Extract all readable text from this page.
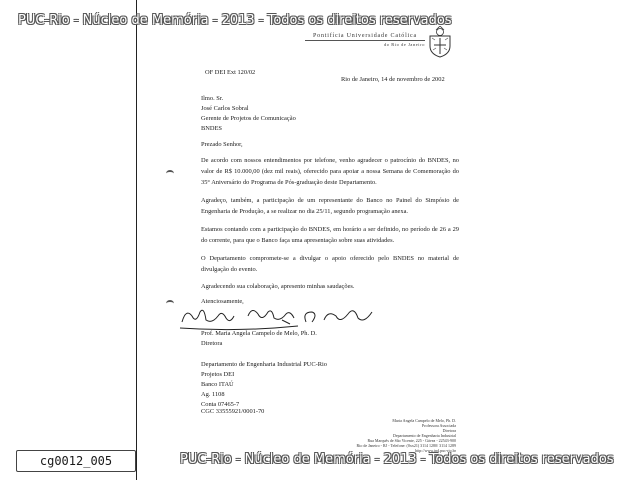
PUC-Rio - Núcleo de Memória - 2013 - Todos os direitos reservados
Pontifícia Universidade Católica
do Rio de Janeiro
OF DEI Ext 120/02
Rio de Janeiro, 14 de novembro de 2002
Ilmo. Sr.
José Carlos Sobral
Gerente de Projetos de Comunicação
BNDES
Prezado Senhor,
De acordo com nossos entendimentos por telefone, venho agradecer o patrocínio do BNDES, no valor de R$ 10.000,00 (dez mil reais), oferecido para apoiar a nossa Semana de Comemoração do 35° Aniversário do Programa de Pós-graduação deste Departamento.
Agradeço, também, a participação de um representante do Banco no Painel do Simpósio de Engenharia de Produção, a se realizar no dia 25/11, segundo programação anexa.
Estamos contando com a participação do BNDES, em horário a ser definido, no período de 26 a 29 do corrente, para que o Banco faça uma apresentação sobre suas atividades.
O Departamento compromete-se a divulgar o apoio oferecido pelo BNDES no material de divulgação do evento.
Agradecendo sua colaboração, apresento minhas saudações.
Atenciosamente,
Prof. Maria Angela Campelo de Melo, Ph. D.
Diretora
Departamento de Engenharia Industrial PUC-Rio
Projetos DEI
Banco ITAÚ
Ag. 1108
Conta 07465-7
CGC 33555921/0001-70
Maria Angela Campelo de Melo, Ph. D.
Professora Associada
Diretora
Departamento de Engenharia Industrial
Rua Marquês de São Vicente, 225 - Gávea - 22543-900
Rio de Janeiro - RJ - Telefone: (0xx21) 3114 1280/ 3114 1289
http://www.ind.puc-rio.br
cg0012_005	PUC-Rio - Núcleo de Memória - 2013 - Todos os direitos reservados
